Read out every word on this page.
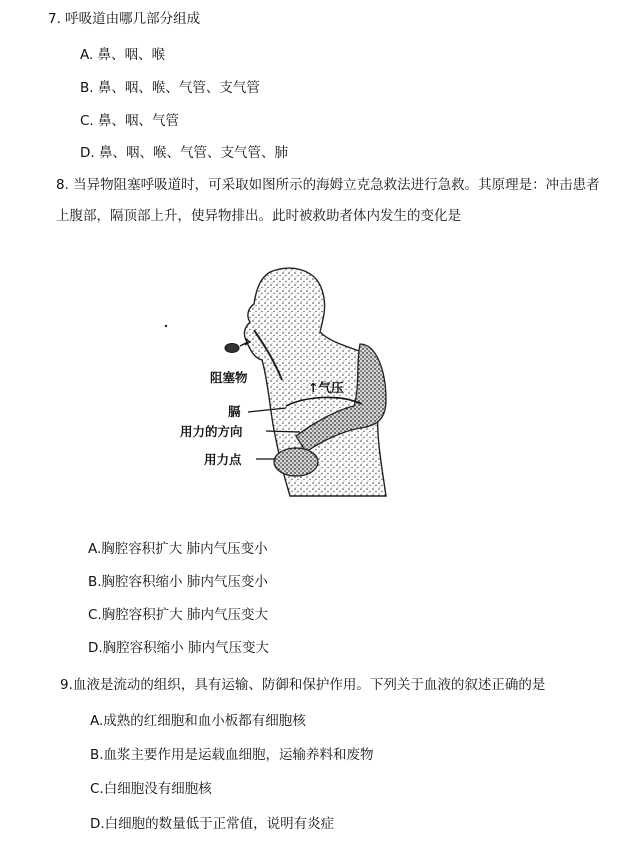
7. 呼吸道由哪几部分组成
A. 鼻、咽、喉
B. 鼻、咽、喉、气管、支气管
C. 鼻、咽、气管
D. 鼻、咽、喉、气管、支气管、肺
8. 当异物阻塞呼吸道时，可采取如图所示的海姆立克急救法进行急救。其原理是：冲击患者
上腹部，隔顶部上升，使异物排出。此时被救助者体内发生的变化是
阻塞物
↑气压
膈
用力的方向
用力点
A.胸腔容积扩大 肺内气压变小
B.胸腔容积缩小 肺内气压变小
C.胸腔容积扩大 肺内气压变大
D.胸腔容积缩小 肺内气压变大
9.血液是流动的组织，具有运输、防御和保护作用。下列关于血液的叙述正确的是
A.成熟的红细胞和血小板都有细胞核
B.血浆主要作用是运载血细胞，运输养料和废物
C.白细胞没有细胞核
D.白细胞的数量低于正常值，说明有炎症
